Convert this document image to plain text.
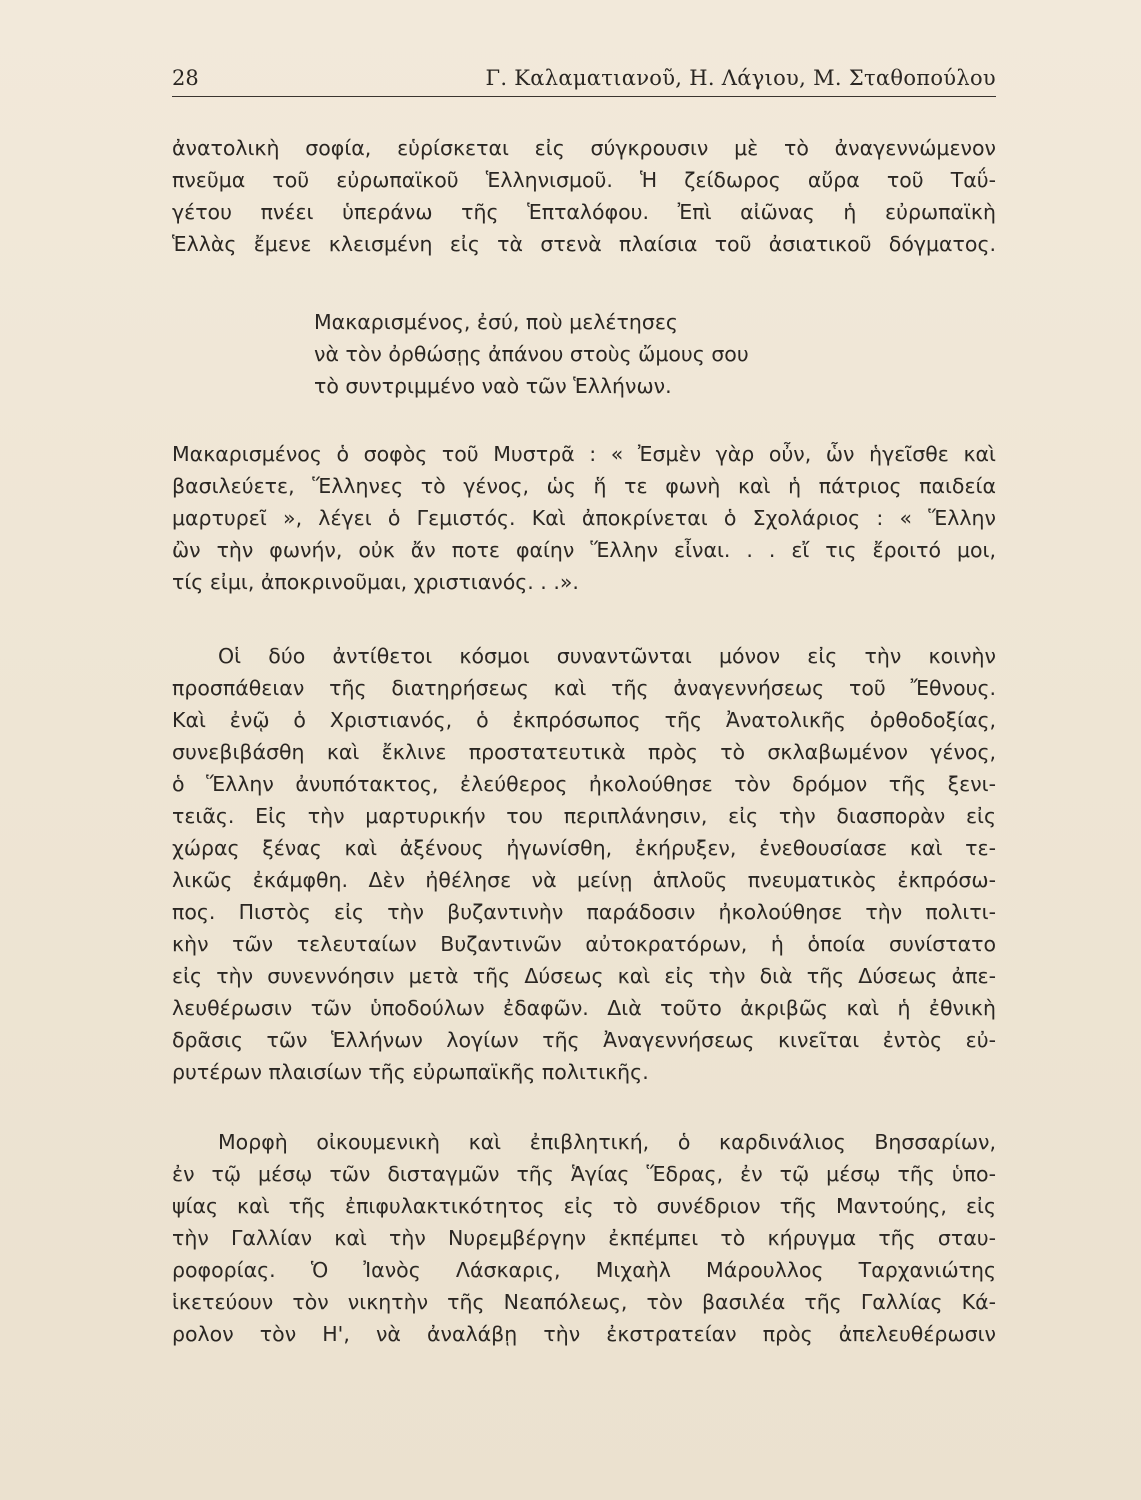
28	Γ. Καλαματιανοῦ, Η. Λάγιου, Μ. Σταθοπούλου
ἀνατολικὴ σοφία, εὑρίσκεται εἰς σύγκρουσιν μὲ τὸ ἀναγεννώμενον
πνεῦμα τοῦ εὐρωπαϊκοῦ Ἑλληνισμοῦ. Ἡ ζείδωρος αὔρα τοῦ Ταΰ-
γέτου πνέει ὑπεράνω τῆς Ἑπταλόφου. Ἐπὶ αἰῶνας ἡ εὐρωπαϊκὴ
Ἑλλὰς ἔμενε κλεισμένη εἰς τὰ στενὰ πλαίσια τοῦ ἀσιατικοῦ δόγματος.
Μακαρισμένος, ἐσύ, ποὺ μελέτησες
νὰ τὸν ὀρθώσῃς ἀπάνου στοὺς ὤμους σου
τὸ συντριμμένο ναὸ τῶν Ἑλλήνων.
Μακαρισμένος ὁ σοφὸς τοῦ Μυστρᾶ : « Ἐσμὲν γὰρ οὖν, ὧν ἡγεῖσθε καὶ
βασιλεύετε, Ἕλληνες τὸ γένος, ὡς ἥ τε φωνὴ καὶ ἡ πάτριος παιδεία
μαρτυρεῖ », λέγει ὁ Γεμιστός. Καὶ ἀποκρίνεται ὁ Σχολάριος : « Ἕλλην
ὢν τὴν φωνήν, οὐκ ἄν ποτε φαίην Ἕλλην εἶναι. . . εἴ τις ἔροιτό μοι,
τίς εἰμι, ἀποκρινοῦμαι, χριστιανός. . .».
Οἱ δύο ἀντίθετοι κόσμοι συναντῶνται μόνον εἰς τὴν κοινὴν
προσπάθειαν τῆς διατηρήσεως καὶ τῆς ἀναγεννήσεως τοῦ Ἔθνους.
Καὶ ἐνῷ ὁ Χριστιανός, ὁ ἐκπρόσωπος τῆς Ἀνατολικῆς ὀρθοδοξίας,
συνεβιβάσθη καὶ ἔκλινε προστατευτικὰ πρὸς τὸ σκλαβωμένον γένος,
ὁ Ἕλλην ἀνυπότακτος, ἐλεύθερος ἠκολούθησε τὸν δρόμον τῆς ξενι-
τειᾶς. Εἰς τὴν μαρτυρικήν του περιπλάνησιν, εἰς τὴν διασπορὰν εἰς
χώρας ξένας καὶ ἀξένους ἠγωνίσθη, ἐκήρυξεν, ἐνεθουσίασε καὶ τε-
λικῶς ἐκάμφθη. Δὲν ἠθέλησε νὰ μείνῃ ἁπλοῦς πνευματικὸς ἐκπρόσω-
πος. Πιστὸς εἰς τὴν βυζαντινὴν παράδοσιν ἠκολούθησε τὴν πολιτι-
κὴν τῶν τελευταίων Βυζαντινῶν αὐτοκρατόρων, ἡ ὁποία συνίστατο
εἰς τὴν συνεννόησιν μετὰ τῆς Δύσεως καὶ εἰς τὴν διὰ τῆς Δύσεως ἀπε-
λευθέρωσιν τῶν ὑποδούλων ἐδαφῶν. Διὰ τοῦτο ἀκριβῶς καὶ ἡ ἐθνικὴ
δρᾶσις τῶν Ἑλλήνων λογίων τῆς Ἀναγεννήσεως κινεῖται ἐντὸς εὐ-
ρυτέρων πλαισίων τῆς εὐρωπαϊκῆς πολιτικῆς.
Μορφὴ οἰκουμενικὴ καὶ ἐπιβλητική, ὁ καρδινάλιος Βησσαρίων,
ἐν τῷ μέσῳ τῶν δισταγμῶν τῆς Ἁγίας Ἕδρας, ἐν τῷ μέσῳ τῆς ὑπο-
ψίας καὶ τῆς ἐπιφυλακτικότητος εἰς τὸ συνέδριον τῆς Μαντούης, εἰς
τὴν Γαλλίαν καὶ τὴν Νυρεμβέργην ἐκπέμπει τὸ κήρυγμα τῆς σταυ-
ροφορίας. Ὁ Ἰανὸς Λάσκαρις, Μιχαὴλ Μάρουλλος Ταρχανιώτης
ἱκετεύουν τὸν νικητὴν τῆς Νεαπόλεως, τὸν βασιλέα τῆς Γαλλίας Κά-
ρολον τὸν Η', νὰ ἀναλάβῃ τὴν ἐκστρατείαν πρὸς ἀπελευθέρωσιν
